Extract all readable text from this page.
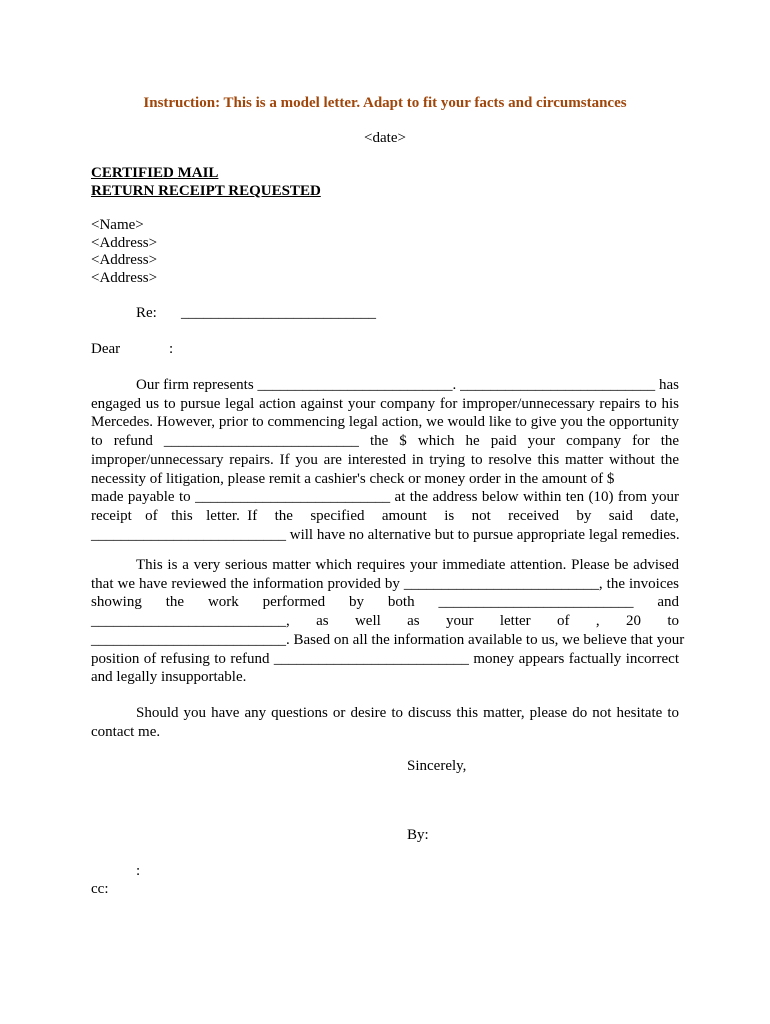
Instruction: This is a model letter. Adapt to fit your facts and circumstances
<date>
CERTIFIED MAIL
RETURN RECEIPT REQUESTED
<Name>
<Address>
<Address>
<Address>
Re: __________________________
Dear	:
Our firm represents __________________________. __________________________ has
engaged us to pursue legal action against your company for improper/unnecessary repairs to his
Mercedes. However, prior to commencing legal action, we would like to give you the opportunity
to refund __________________________ the $ which he paid your company for the
improper/unnecessary repairs. If you are interested in trying to resolve this matter without the
necessity of litigation, please remit a cashier's check or money order in the amount of $
made payable to __________________________ at the address below within ten (10) from your
receipt of this letter. If the specified amount is not received by said date,
__________________________ will have no alternative but to pursue appropriate legal remedies.
This is a very serious matter which requires your immediate attention. Please be advised
that we have reviewed the information provided by __________________________, the invoices
showing the work performed by both __________________________ and
__________________________, as well as your letter of , 20 to
__________________________. Based on all the information available to us, we believe that your
position of refusing to refund __________________________ money appears factually incorrect
and legally insupportable.
Should you have any questions or desire to discuss this matter, please do not hesitate to
contact me.
Sincerely,
By:
:
cc:
